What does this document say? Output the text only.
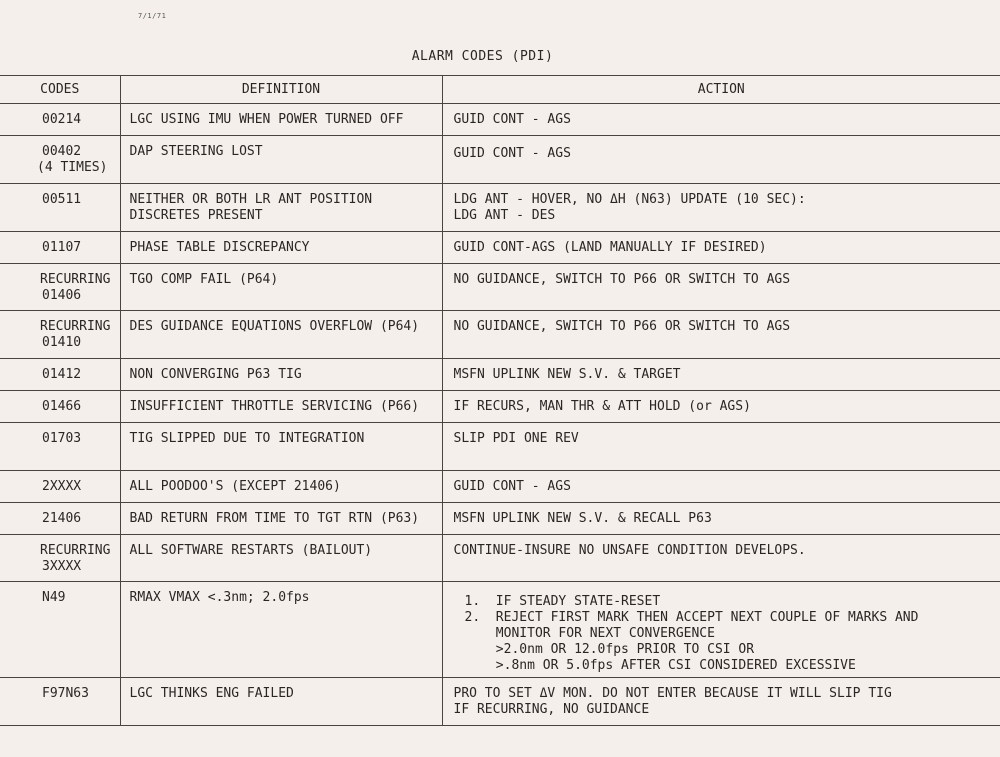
7/1/71
ALARM CODES (PDI)
CODES	DEFINITION	ACTION

00214	LGC USING IMU WHEN POWER TURNED OFF	GUID CONT - AGS

00402
(4 TIMES)	DAP STEERING LOST	GUID CONT - AGS

00511	NEITHER OR BOTH LR ANT POSITION
DISCRETES PRESENT	LDG ANT - HOVER, NO ΔH (N63) UPDATE (10 SEC):
LDG ANT - DES

01107	PHASE TABLE DISCREPANCY	GUID CONT-AGS (LAND MANUALLY IF DESIRED)

RECURRING
01406	TGO COMP FAIL (P64)	NO GUIDANCE, SWITCH TO P66 OR SWITCH TO AGS

RECURRING
01410	DES GUIDANCE EQUATIONS OVERFLOW (P64)	NO GUIDANCE, SWITCH TO P66 OR SWITCH TO AGS

01412	NON CONVERGING P63 TIG	MSFN UPLINK NEW S.V. & TARGET

01466	INSUFFICIENT THROTTLE SERVICING (P66)	IF RECURS, MAN THR & ATT HOLD (or AGS)

01703	TIG SLIPPED DUE TO INTEGRATION	SLIP PDI ONE REV

2XXXX	ALL POODOO'S (EXCEPT 21406)	GUID CONT - AGS

21406	BAD RETURN FROM TIME TO TGT RTN (P63)	MSFN UPLINK NEW S.V. & RECALL P63

RECURRING
3XXXX	ALL SOFTWARE RESTARTS (BAILOUT)	CONTINUE-INSURE NO UNSAFE CONDITION DEVELOPS.

N49	RMAX VMAX <.3nm; 2.0fps	1.  IF STEADY STATE-RESET
2.  REJECT FIRST MARK THEN ACCEPT NEXT COUPLE OF MARKS AND
MONITOR FOR NEXT CONVERGENCE
>2.0nm OR 12.0fps PRIOR TO CSI OR
>.8nm OR 5.0fps AFTER CSI CONSIDERED EXCESSIVE

F97N63	LGC THINKS ENG FAILED	PRO TO SET ΔV MON. DO NOT ENTER BECAUSE IT WILL SLIP TIG
IF RECURRING, NO GUIDANCE
